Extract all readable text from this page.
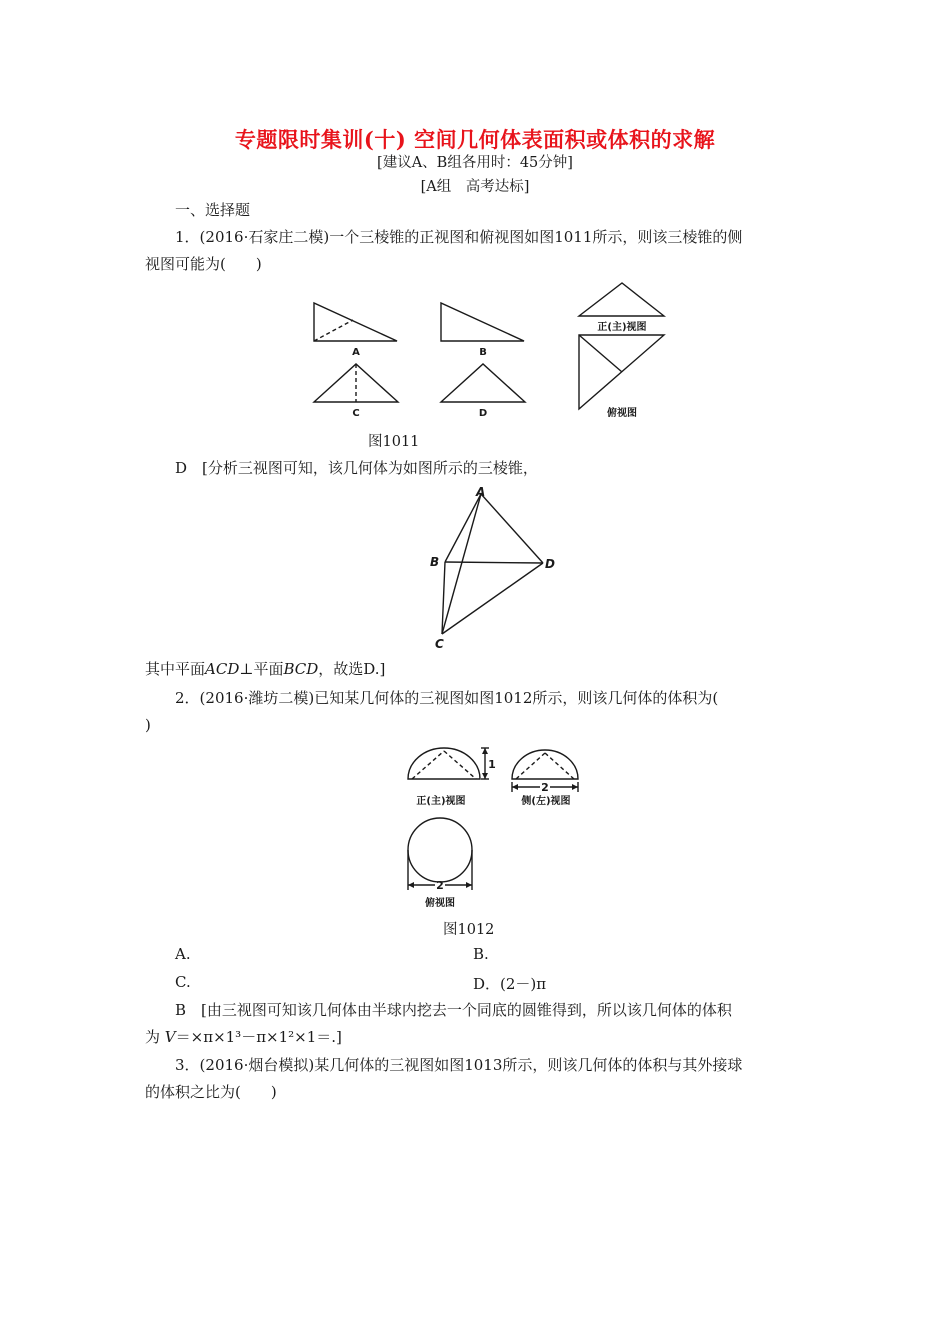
专题限时集训(十) 空间几何体表面积或体积的求解
[建议A、B组各用时：45分钟]
[A组　高考达标]
一、选择题
1．(2016·石家庄二模)一个三棱锥的正视图和俯视图如图1011所示，则该三棱锥的侧
视图可能为(　　)
A	B
C	D
正(主)视图
俯视图
图1011
D　[分析三视图可知，该几何体为如图所示的三棱锥，
A
B	D
C
其中平面ACD⊥平面BCD，故选D.]
2．(2016·潍坊二模)已知某几何体的三视图如图1012所示，则该几何体的体积为(
)
1
2
2
正(主)视图	侧(左)视图
俯视图
图1012
A.	B.
C.	D．(2－)π
B　[由三视图可知该几何体由半球内挖去一个同底的圆锥得到，所以该几何体的体积
为 V＝×π×1³－π×1²×1＝.]
3．(2016·烟台模拟)某几何体的三视图如图1013所示，则该几何体的体积与其外接球
的体积之比为(　　)
